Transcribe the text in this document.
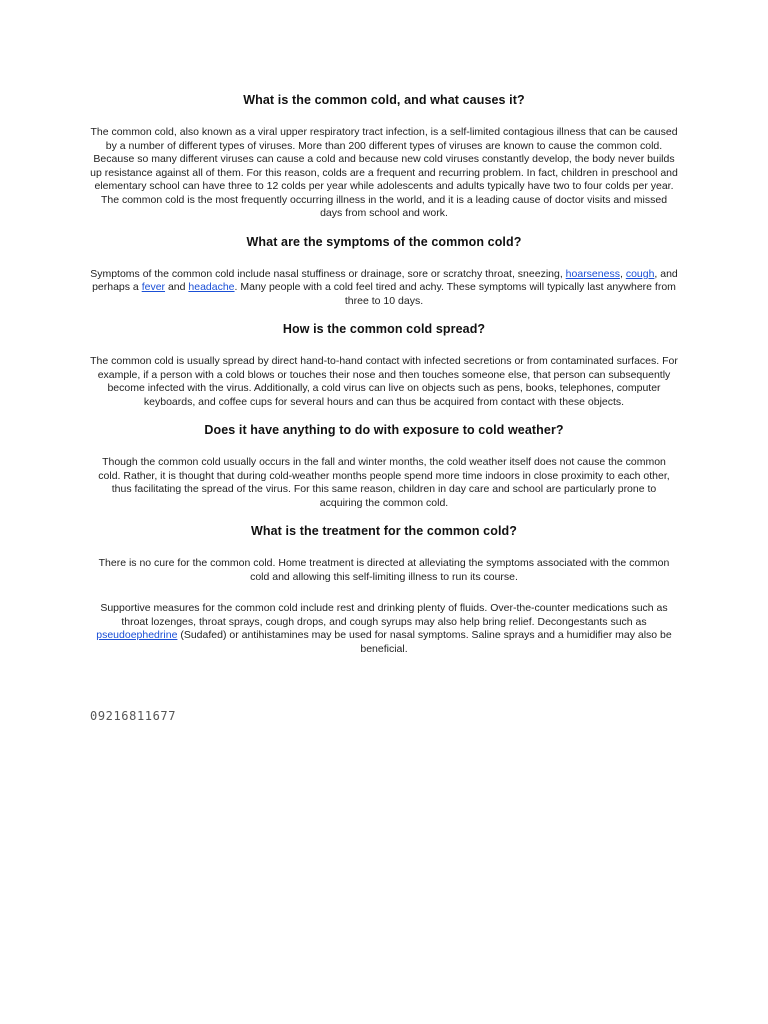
What is the common cold, and what causes it?

The common cold, also known as a viral upper respiratory tract infection, is a self-limited contagious illness that can be caused by a number of different types of viruses. More than 200 different types of viruses are known to cause the common cold. Because so many different viruses can cause a cold and because new cold viruses constantly develop, the body never builds up resistance against all of them. For this reason, colds are a frequent and recurring problem. In fact, children in preschool and elementary school can have three to 12 colds per year while adolescents and adults typically have two to four colds per year. The common cold is the most frequently occurring illness in the world, and it is a leading cause of doctor visits and missed days from school and work.

What are the symptoms of the common cold?

Symptoms of the common cold include nasal stuffiness or drainage, sore or scratchy throat, sneezing, hoarseness, cough, and perhaps a fever and headache. Many people with a cold feel tired and achy. These symptoms will typically last anywhere from three to 10 days.

How is the common cold spread?

The common cold is usually spread by direct hand-to-hand contact with infected secretions or from contaminated surfaces. For example, if a person with a cold blows or touches their nose and then touches someone else, that person can subsequently become infected with the virus. Additionally, a cold virus can live on objects such as pens, books, telephones, computer keyboards, and coffee cups for several hours and can thus be acquired from contact with these objects.

Does it have anything to do with exposure to cold weather?

Though the common cold usually occurs in the fall and winter months, the cold weather itself does not cause the common cold. Rather, it is thought that during cold-weather months people spend more time indoors in close proximity to each other, thus facilitating the spread of the virus. For this same reason, children in day care and school are particularly prone to acquiring the common cold.

What is the treatment for the common cold?

There is no cure for the common cold. Home treatment is directed at alleviating the symptoms associated with the common cold and allowing this self-limiting illness to run its course.

Supportive measures for the common cold include rest and drinking plenty of fluids. Over-the-counter medications such as throat lozenges, throat sprays, cough drops, and cough syrups may also help bring relief. Decongestants such as pseudoephedrine (Sudafed) or antihistamines may be used for nasal symptoms. Saline sprays and a humidifier may also be beneficial.

09216811677
